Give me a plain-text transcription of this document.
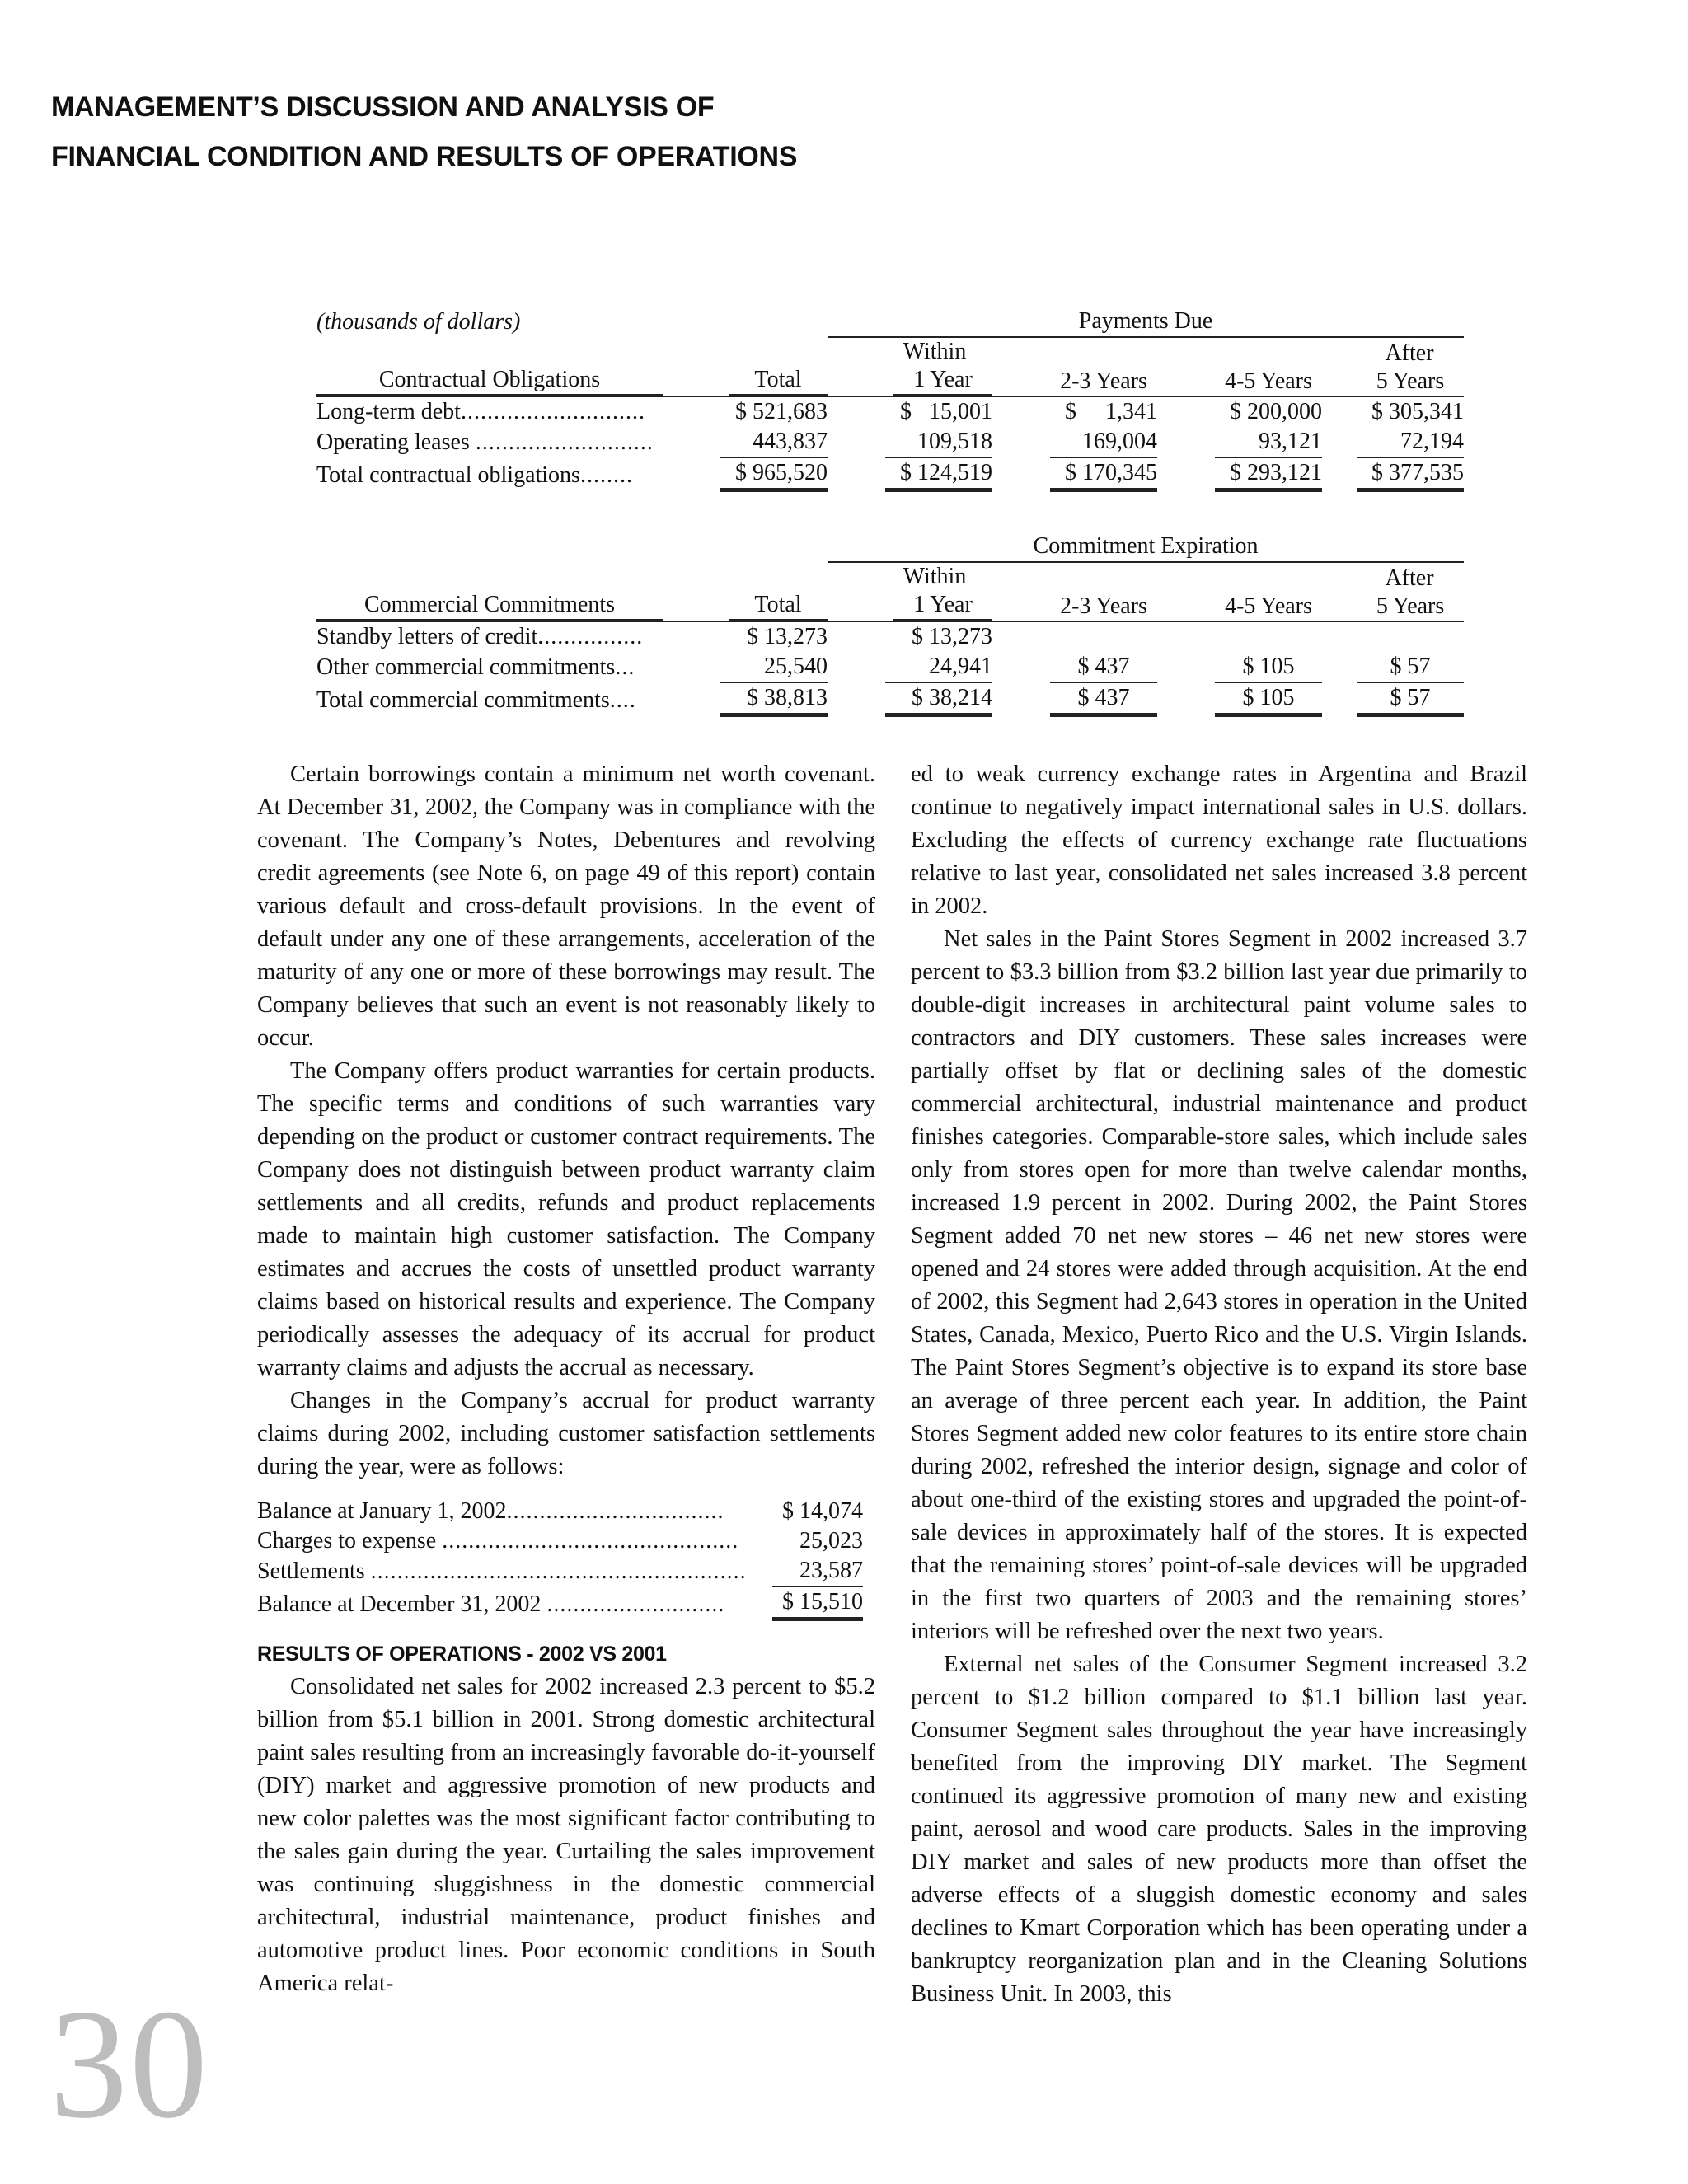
MANAGEMENT’S DISCUSSION AND ANALYSIS OF
FINANCIAL CONDITION AND RESULTS OF OPERATIONS
(thousands of dollars)		Payments Due			

Contractual Obligations	Total	Within
1 Year	2-3 Years	4-5 Years	After
5 Years
Long-term debt............................	$ 521,683	$   15,001	$     1,341	$ 200,000	$ 305,341
Operating leases ...........................	443,837	109,518	169,004	93,121	72,194
Total contractual obligations........	$ 965,520	$ 124,519	$ 170,345	$ 293,121	$ 377,535
		Commitment Expiration			

Commercial Commitments	Total	Within
1 Year	2-3 Years	4-5 Years	After
5 Years
Standby letters of credit................	$ 13,273	$ 13,273			
Other commercial commitments...	25,540	24,941	$ 437	$ 105	$ 57
Total commercial commitments....	$ 38,813	$ 38,214	$ 437	$ 105	$ 57

Certain borrowings contain a minimum net worth covenant. At December 31, 2002, the Company was in compliance with the covenant. The Company’s Notes, Debentures and revolving credit agreements (see Note 6, on page 49 of this report) contain various default and cross-default provisions. In the event of default under any one of these arrangements, acceleration of the maturity of any one or more of these borrowings may result. The Company believes that such an event is not reasonably likely to occur.

The Company offers product warranties for certain products. The specific terms and conditions of such warranties vary depending on the product or customer contract requirements. The Company does not distinguish between product warranty claim settlements and all credits, refunds and product replacements made to maintain high customer satisfaction. The Company estimates and accrues the costs of unsettled product warranty claims based on historical results and experience. The Company periodically assesses the adequacy of its accrual for product warranty claims and adjusts the accrual as necessary.

Changes in the Company’s accrual for product warranty claims during 2002, including customer satisfaction settlements during the year, were as follows:

Balance at January 1, 2002.................................	$ 14,074
Charges to expense .............................................	25,023
Settlements .........................................................	23,587
Balance at December 31, 2002 ...........................	$ 15,510
RESULTS OF OPERATIONS - 2002 VS 2001

Consolidated net sales for 2002 increased 2.3 percent to $5.2 billion from $5.1 billion in 2001. Strong domestic architectural paint sales resulting from an increasingly favorable do-it-yourself (DIY) market and aggressive promotion of new products and new color palettes was the most significant factor contributing to the sales gain during the year. Curtailing the sales improvement was continuing sluggishness in the domestic commercial architectural, industrial maintenance, product finishes and automotive product lines. Poor economic conditions in South America relat-

ed to weak currency exchange rates in Argentina and Brazil continue to negatively impact international sales in U.S. dollars. Excluding the effects of currency exchange rate fluctuations relative to last year, consolidated net sales increased 3.8 percent in 2002.

Net sales in the Paint Stores Segment in 2002 increased 3.7 percent to $3.3 billion from $3.2 billion last year due primarily to double-digit increases in architectural paint volume sales to contractors and DIY customers. These sales increases were partially offset by flat or declining sales of the domestic commercial architectural, industrial maintenance and product finishes categories. Comparable-store sales, which include sales only from stores open for more than twelve calendar months, increased 1.9 percent in 2002. During 2002, the Paint Stores Segment added 70 net new stores – 46 net new stores were opened and 24 stores were added through acquisition. At the end of 2002, this Segment had 2,643 stores in operation in the United States, Canada, Mexico, Puerto Rico and the U.S. Virgin Islands. The Paint Stores Segment’s objective is to expand its store base an average of three percent each year. In addition, the Paint Stores Segment added new color features to its entire store chain during 2002, refreshed the interior design, signage and color of about one-third of the existing stores and upgraded the point-of-sale devices in approximately half of the stores. It is expected that the remaining stores’ point-of-sale devices will be upgraded in the first two quarters of 2003 and the remaining stores’ interiors will be refreshed over the next two years.

External net sales of the Consumer Segment increased 3.2 percent to $1.2 billion compared to $1.1 billion last year. Consumer Segment sales throughout the year have increasingly benefited from the improving DIY market. The Segment continued its aggressive promotion of many new and existing paint, aerosol and wood care products. Sales in the improving DIY market and sales of new products more than offset the adverse effects of a sluggish domestic economy and sales declines to Kmart Corporation which has been operating under a bankruptcy reorganization plan and in the Cleaning Solutions Business Unit. In 2003, this

30
